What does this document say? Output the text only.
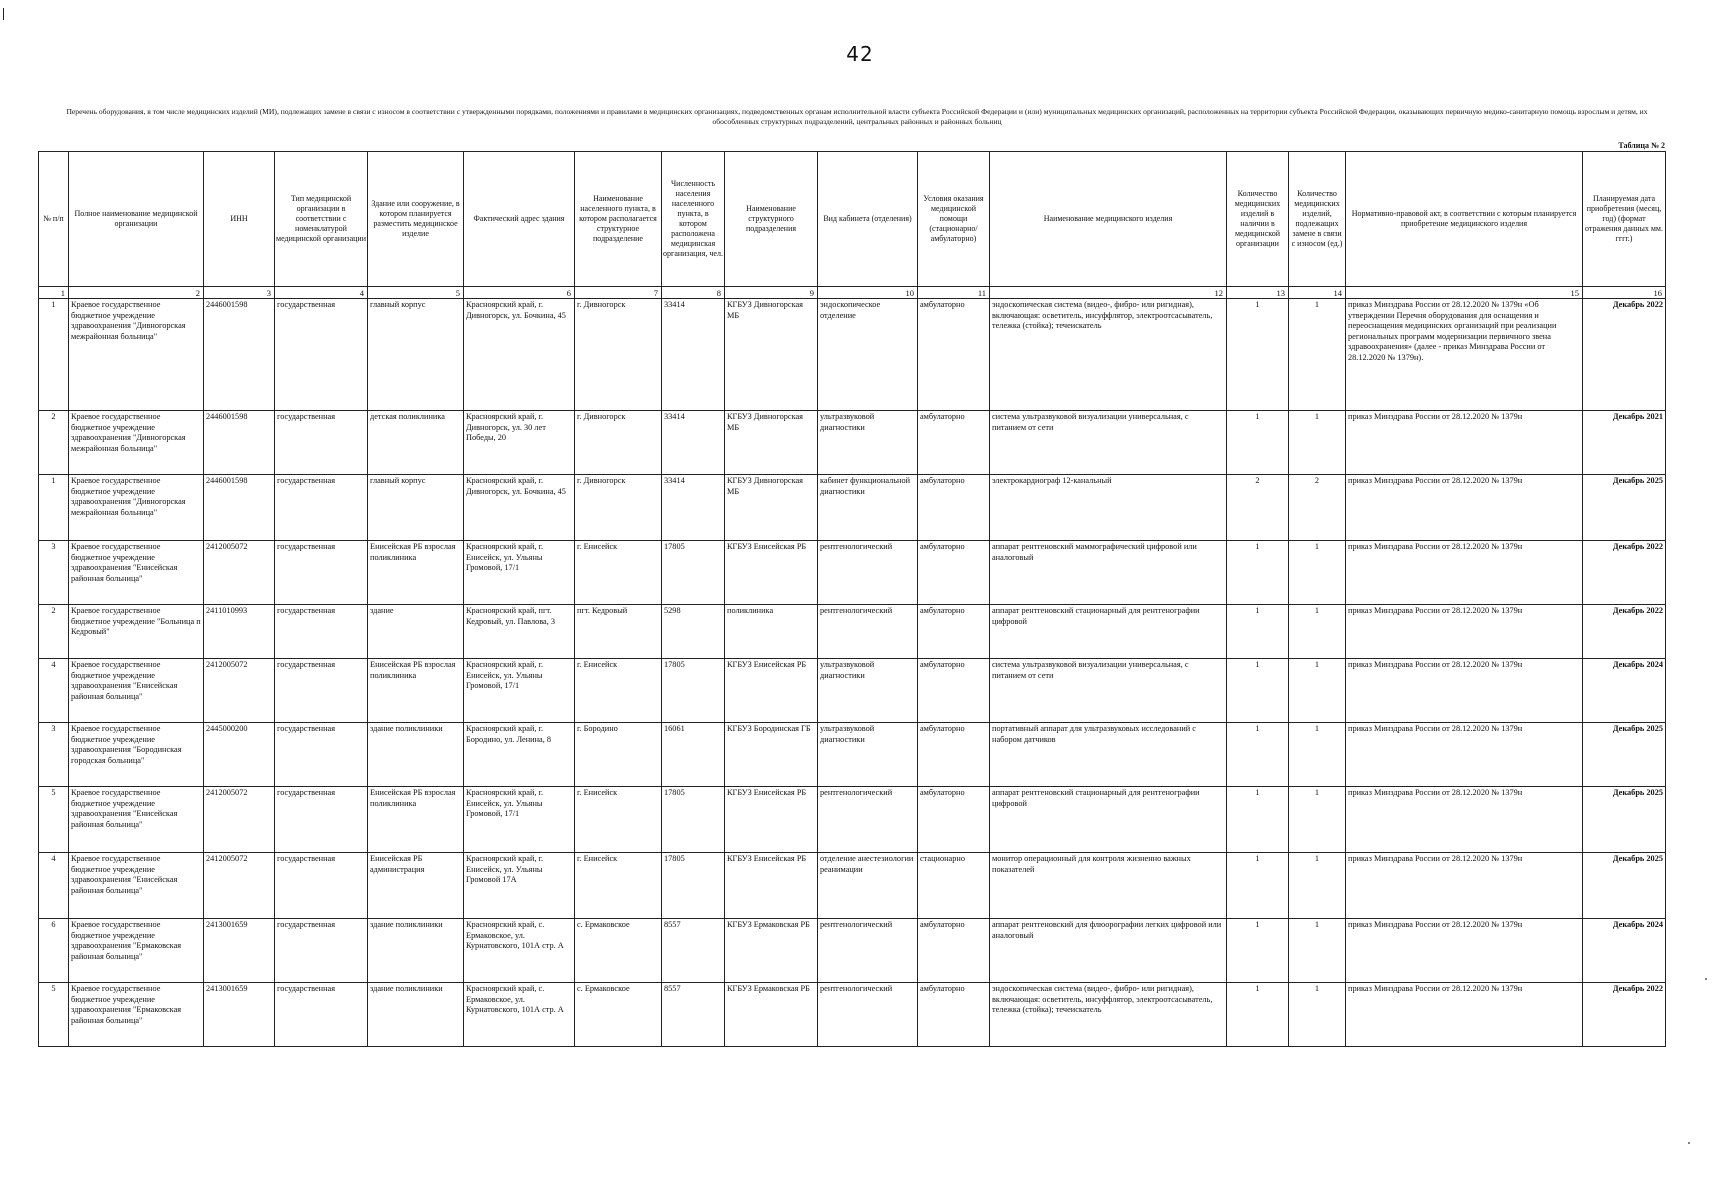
42
Перечень оборудования, в том числе медицинских изделий (МИ), подлежащих замене в связи с износом в соответствии с утвержденными порядками, положениями и правилами в медицинских организациях, подведомственных органам исполнительной власти субъекта Российской Федерации и (или) муниципальных медицинских организаций, расположенных на территории субъекта Российской Федерации, оказывающих первичную медико-санитарную помощь взрослым и детям, их обособленных структурных подразделений, центральных районных и районных больниц
Таблица № 2
№ п/п	Полное наименование медицинской организации	ИНН	Тип медицинской организации в соответствии с номенклатурой медицинской организации	Здание или сооружение, в котором планируется разместить медицинское изделие	Фактический адрес здания	Наименование населенного пункта, в котором располагается структурное подразделение	Численность населения населенного пункта, в котором расположена медицинская организация, чел.	Наименование структурного подразделения	Вид кабинета (отделения)	Условия оказания медицинской помощи (стационарно/ амбулаторно)	Наименование медицинского изделия	Количество медицинских изделий в наличии в медицинской организации	Количество медицинских изделий, подлежащих замене в связи с износом (ед.)	Нормативно-правовой акт, в соответствии с которым планируется приобретение медицинского изделия	Планируемая дата приобретения (месяц, год) (формат отражения данных мм. гггг.)
1	2	3	4	5	6	7	8	9	10	11	12	13	14	15	16
1	Краевое государственное бюджетное учреждение здравоохранения "Дивногорская межрайонная больница"	2446001598	государственная	главный корпус	Красноярский край, г. Дивногорск, ул. Бочкина, 45	г. Дивногорск	33414	КГБУЗ Дивногорская МБ	эндоскопическое отделение	амбулаторно	эндоскопическая система (видео-, фибро- или ригидная), включающая: осветитель, инсуффлятор, электроотсасыватель, тележка (стойка); течеискатель	1	1	приказ Минздрава России от 28.12.2020 № 1379н «Об утверждении Перечня оборудования для оснащения и переоснащения медицинских организаций при реализации региональных программ модернизации первичного звена здравоохранения» (далее - приказ Минздрава России от 28.12.2020 № 1379н).	Декабрь 2022
2	Краевое государственное бюджетное учреждение здравоохранения "Дивногорская межрайонная больница"	2446001598	государственная	детская поликлиника	Красноярский край, г. Дивногорск, ул. 30 лет Победы, 20	г. Дивногорск	33414	КГБУЗ Дивногорская МБ	ультразвуковой диагностики	амбулаторно	система ультразвуковой визуализации универсальная, с питанием от сети	1	1	приказ Минздрава России от 28.12.2020 № 1379н	Декабрь 2021
1	Краевое государственное бюджетное учреждение здравоохранения "Дивногорская межрайонная больница"	2446001598	государственная	главный корпус	Красноярский край, г. Дивногорск, ул. Бочкина, 45	г. Дивногорск	33414	КГБУЗ Дивногорская МБ	кабинет функциональной диагностики	амбулаторно	электрокардиограф 12-канальный	2	2	приказ Минздрава России от 28.12.2020 № 1379н	Декабрь 2025
3	Краевое государственное бюджетное учреждение здравоохранения "Енисейская районная больница"	2412005072	государственная	Енисейская РБ взрослая поликлиника	Красноярский край, г. Енисейск, ул. Ульяны Громовой, 17/1	г. Енисейск	17805	КГБУЗ Енисейская РБ	рентгенологический	амбулаторно	аппарат рентгеновский маммографический цифровой или аналоговый	1	1	приказ Минздрава России от 28.12.2020 № 1379н	Декабрь 2022
2	Краевое государственное бюджетное учреждение "Больница п Кедровый"	2411010993	государственная	здание	Красноярский край, пгт. Кедровый, ул. Павлова, 3	пгт. Кедровый	5298	поликлиника	рентгенологический	амбулаторно	аппарат рентгеновский стационарный для рентгенографии цифровой	1	1	приказ Минздрава России от 28.12.2020 № 1379н	Декабрь 2022
4	Краевое государственное бюджетное учреждение здравоохранения "Енисейская районная больница"	2412005072	государственная	Енисейская РБ взрослая поликлиника	Красноярский край, г. Енисейск, ул. Ульяны Громовой, 17/1	г. Енисейск	17805	КГБУЗ Енисейская РБ	ультразвуковой диагностики	амбулаторно	система ультразвуковой визуализации универсальная, с питанием от сети	1	1	приказ Минздрава России от 28.12.2020 № 1379н	Декабрь 2024
3	Краевое государственное бюджетное учреждение здравоохранения "Бородинская городская больница"	2445000200	государственная	здание поликлиники	Красноярский край, г. Бородино, ул. Ленина, 8	г. Бородино	16061	КГБУЗ Бородинская ГБ	ультразвуковой диагностики	амбулаторно	портативный аппарат для ультразвуковых исследований с набором датчиков	1	1	приказ Минздрава России от 28.12.2020 № 1379н	Декабрь 2025
5	Краевое государственное бюджетное учреждение здравоохранения "Енисейская районная больница"	2412005072	государственная	Енисейская РБ взрослая поликлиника	Красноярский край, г. Енисейск, ул. Ульяны Громовой, 17/1	г. Енисейск	17805	КГБУЗ Енисейская РБ	рентгенологический	амбулаторно	аппарат рентгеновский стационарный для рентгенографии цифровой	1	1	приказ Минздрава России от 28.12.2020 № 1379н	Декабрь 2025
4	Краевое государственное бюджетное учреждение здравоохранения "Енисейская районная больница"	2412005072	государственная	Енисейская РБ администрация	Красноярский край, г. Енисейск, ул. Ульяны Громовой 17А	г. Енисейск	17805	КГБУЗ Енисейская РБ	отделение анестезиологии реанимации	стационарно	монитор операционный для контроля жизненно важных показателей	1	1	приказ Минздрава России от 28.12.2020 № 1379н	Декабрь 2025
6	Краевое государственное бюджетное учреждение здравоохранения "Ермаковская районная больница"	2413001659	государственная	здание поликлиники	Красноярский край, с. Ермаковское, ул. Курнатовского, 101А стр. А	с. Ермаковское	8557	КГБУЗ Ермаковская РБ	рентгенологический	амбулаторно	аппарат рентгеновский для флюорографии легких цифровой или аналоговый	1	1	приказ Минздрава России от 28.12.2020 № 1379н	Декабрь 2024
5	Краевое государственное бюджетное учреждение здравоохранения "Ермаковская районная больница"	2413001659	государственная	здание поликлиники	Красноярский край, с. Ермаковское, ул. Курнатовского, 101А стр. А	с. Ермаковское	8557	КГБУЗ Ермаковская РБ	рентгенологический	амбулаторно	эндоскопическая система (видео-, фибро- или ригидная), включающая: осветитель, инсуффлятор, электроотсасыватель, тележка (стойка); течеискатель	1	1	приказ Минздрава России от 28.12.2020 № 1379н	Декабрь 2022
